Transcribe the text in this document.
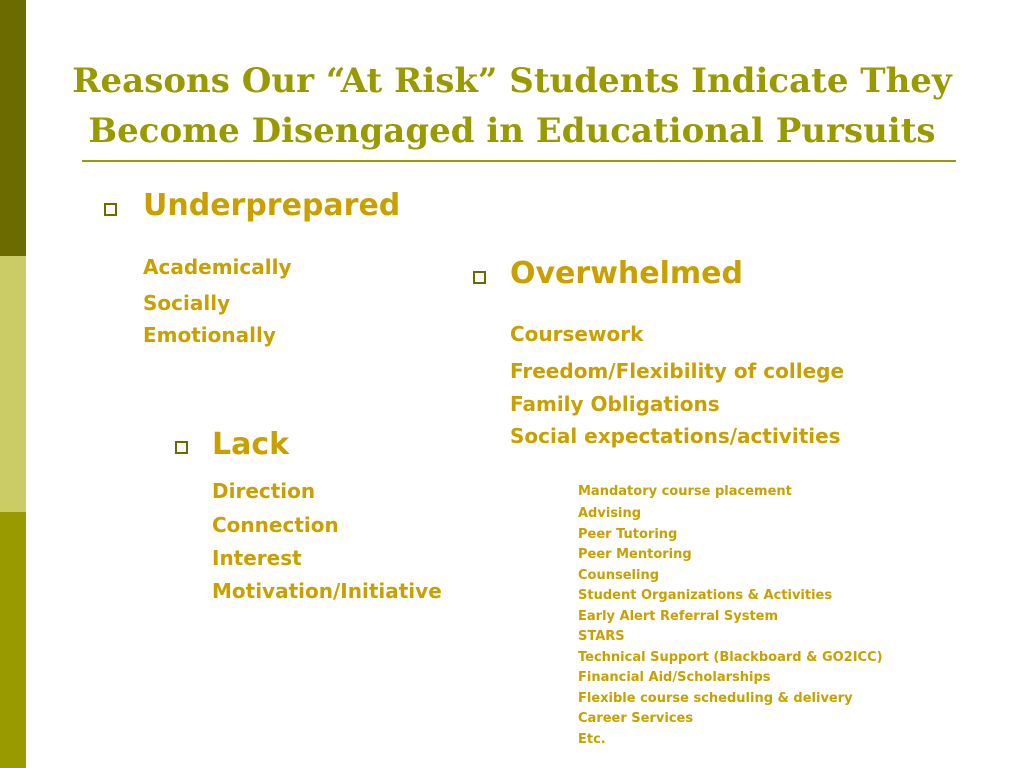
Reasons Our “At Risk” Students Indicate They
Become Disengaged in Educational Pursuits
Underprepared
Academically
Socially
Emotionally
Lack
Direction
Connection
Interest
Motivation/Initiative
Overwhelmed
Coursework
Freedom/Flexibility of college
Family Obligations
Social expectations/activities
Mandatory course placement
Advising
Peer Tutoring
Peer Mentoring
Counseling
Student Organizations & Activities
Early Alert Referral System
STARS
Technical Support (Blackboard & GO2ICC)
Financial Aid/Scholarships
Flexible course scheduling & delivery
Career Services
Etc.
